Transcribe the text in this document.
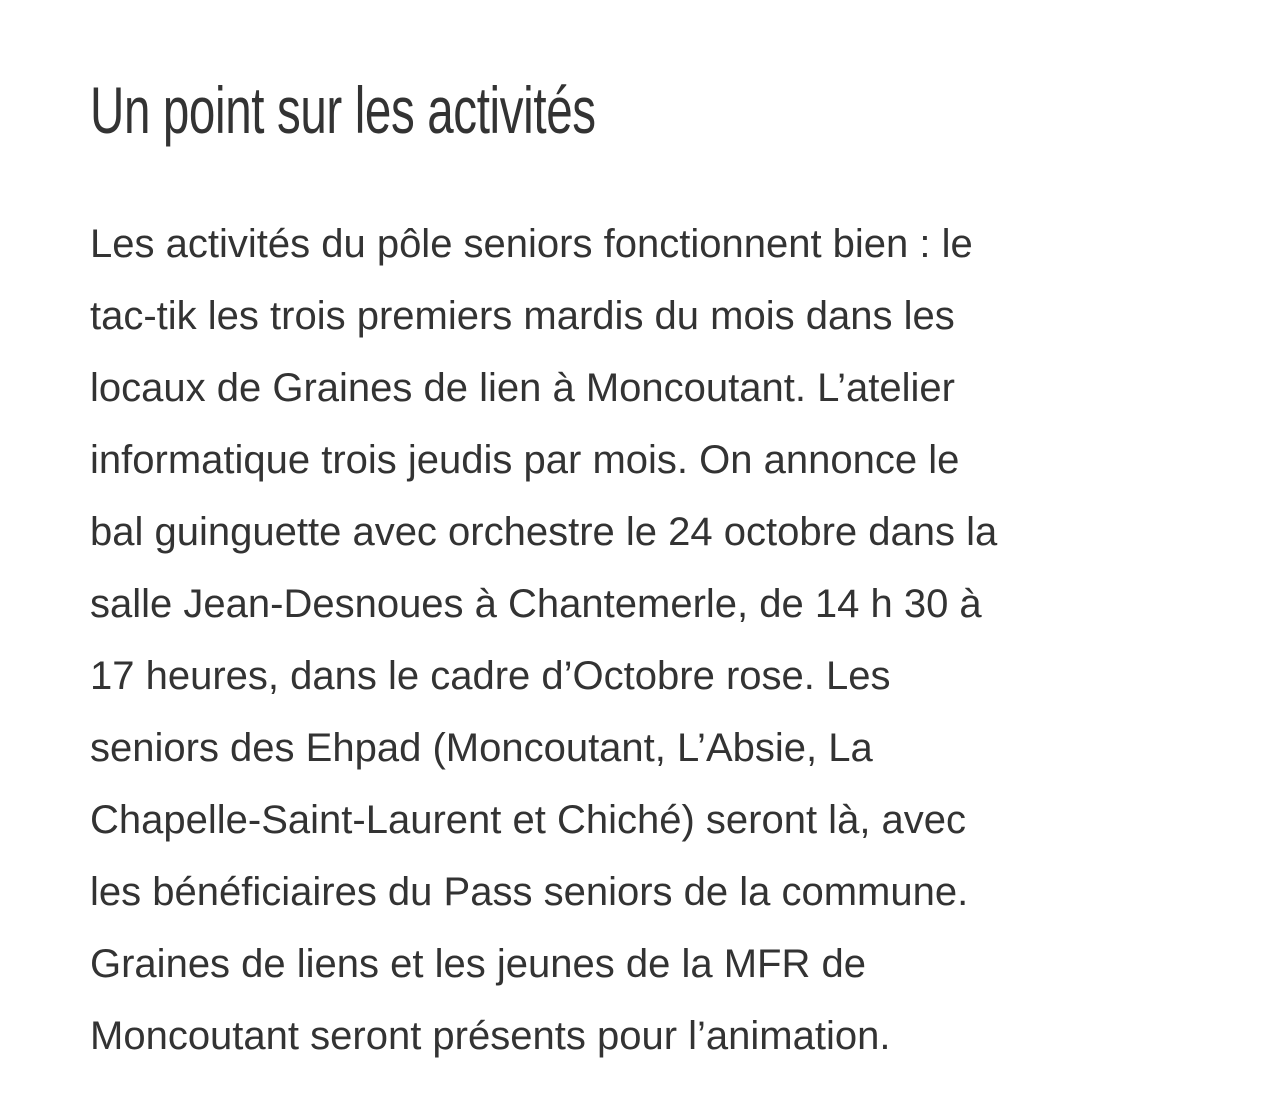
Un point sur les activités

Les activités du pôle seniors fonctionnent bien : le
tac-tik les trois premiers mardis du mois dans les
locaux de Graines de lien à Moncoutant. L’atelier
informatique trois jeudis par mois. On annonce le
bal guinguette avec orchestre le 24 octobre dans la
salle Jean-Desnoues à Chantemerle, de 14 h 30 à
17 heures, dans le cadre d’Octobre rose. Les
seniors des Ehpad (Moncoutant, L’Absie, La
Chapelle-Saint-Laurent et Chiché) seront là, avec
les bénéficiaires du Pass seniors de la commune.
Graines de liens et les jeunes de la MFR de
Moncoutant seront présents pour l’animation.
